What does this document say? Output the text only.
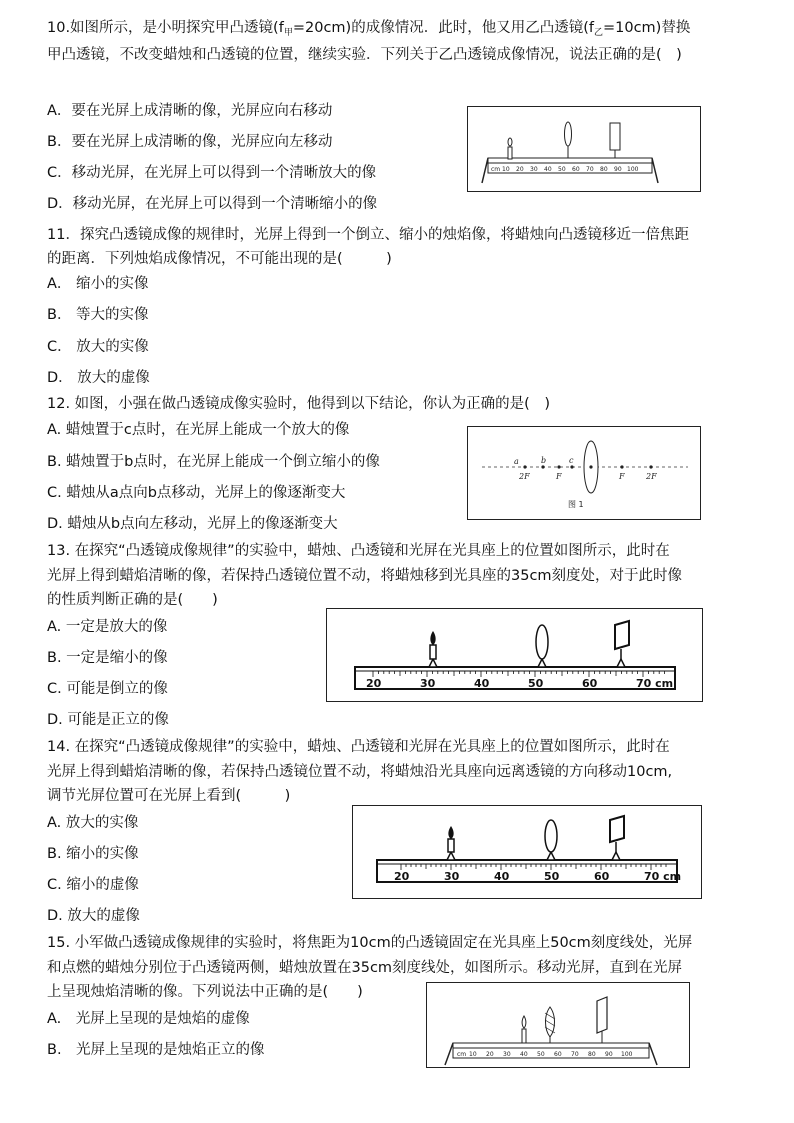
10.如图所示，是小明探究甲凸透镜$(f_甲=20cm)$的成像情况．此时，他又用乙凸透镜$(f_乙=10cm)$替换
甲凸透镜，不改变蜡烛和凸透镜的位置，继续实验．下列关于乙凸透镜成像情况，说法正确的是(　)
A．要在光屏上成清晰的像，光屏应向右移动
B．要在光屏上成清晰的像，光屏应向左移动
C．移动光屏，在光屏上可以得到一个清晰放大的像
D．移动光屏，在光屏上可以得到一个清晰缩小的像
cm 10 20 30 40 50 60 70 80 90 100
11．探究凸透镜成像的规律时，光屏上得到一个倒立、缩小的烛焰像，将蜡烛向凸透镜移近一倍焦距
的距离．下列烛焰成像情况，不可能出现的是(　　　)
A． 缩小的实像
B． 等大的实像
C． 放大的实像
D． 放大的虚像
12. 如图，小强在做凸透镜成像实验时，他得到以下结论，你认为正确的是(　)
A. 蜡烛置于c点时，在光屏上能成一个放大的像
B. 蜡烛置于b点时，在光屏上能成一个倒立缩小的像
C. 蜡烛从a点向b点移动，光屏上的像逐渐变大
D. 蜡烛从b点向左移动，光屏上的像逐渐变大
a	b	c
2F	F	F	2F
图 1
13. 在探究“凸透镜成像规律”的实验中，蜡烛、凸透镜和光屏在光具座上的位置如图所示，此时在
光屏上得到蜡焰清晰的像，若保持凸透镜位置不动，将蜡烛移到光具座的35cm刻度处，对于此时像
的性质判断正确的是(　　)
A. 一定是放大的像
B. 一定是缩小的像
C. 可能是倒立的像
D. 可能是正立的像
20	30	40	50	60	70 cm
14. 在探究“凸透镜成像规律”的实验中，蜡烛、凸透镜和光屏在光具座上的位置如图所示，此时在
光屏上得到蜡焰清晰的像，若保持凸透镜位置不动，将蜡烛沿光具座向远离透镜的方向移动10cm,
调节光屏位置可在光屏上看到(　　　)
A. 放大的实像
B. 缩小的实像
C. 缩小的虚像
D. 放大的虚像
20	30	40	50	60	70 cm
15. 小军做凸透镜成像规律的实验时，将焦距为10cm的凸透镜固定在光具座上50cm刻度线处，光屏
和点燃的蜡烛分别位于凸透镜两侧，蜡烛放置在35cm刻度线处，如图所示。移动光屏，直到在光屏
上呈现烛焰清晰的像。下列说法中正确的是(　　)
A.　光屏上呈现的是烛焰的虚像
B.　光屏上呈现的是烛焰正立的像	cm 10 20 30 40 50 60 70 80 90 100
